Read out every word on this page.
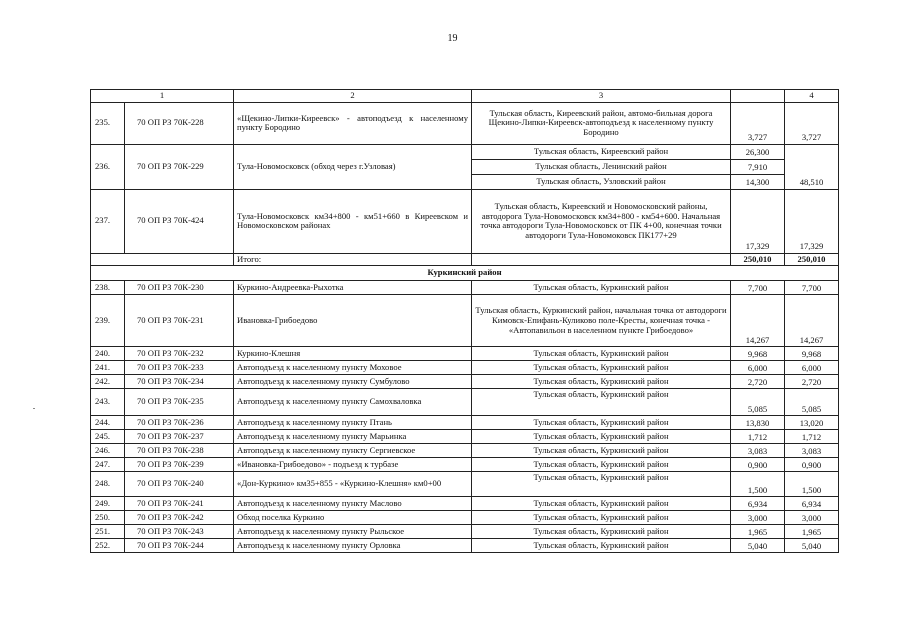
19
1		2	3		4
235.	70 ОП РЗ 70К-228	«Щекино-Липки-Киреевск» - автоподъезд к населенному пункту Бородино	Тульская область, Киреевский район, автомо-бильная дорога Щекино-Липки-Киреевск-автоподъезд к населенному пункту Бородино	3,727	3,727
236.	70 ОП РЗ 70К-229	Тула-Новомосковск (обход через г.Узловая)	Тульская область, Киреевский район	26,300	48,510
			Тульская область, Ленинский район	7,910	
			Тульская область, Узловский район	14,300	
237.	70 ОП РЗ 70К-424	Тула-Новомосковск км34+800 - км51+660 в Киреевском и Новомосковском районах	Тульская область, Киреевский и Новомосковский районы, автодорога Тула-Новомосковск км34+800 - км54+600. Начальная точка автодороги Тула-Новомосковск от ПК 4+00, конечная точки автодороги Тула-Новомоковск ПК177+29	17,329	17,329
		Итого:		250,010	250,010
Куркинский район					
238.	70 ОП РЗ 70К-230	Куркино-Андреевка-Рыхотка	Тульская область, Куркинский район	7,700	7,700
239.	70 ОП РЗ 70К-231	Ивановка-Грибоедово	Тульская область, Куркинский район, начальная точка от автодороги Кимовск-Епифань-Куликово поле-Кресты, конечная точка - «Автопавильон в населенном пункте Грибоедово»	14,267	14,267
240.	70 ОП РЗ 70К-232	Куркино-Клешня	Тульская область, Куркинский район	9,968	9,968
241.	70 ОП РЗ 70К-233	Автоподъезд к населенному пункту Моховое	Тульская область, Куркинский район	6,000	6,000
242.	70 ОП РЗ 70К-234	Автоподъезд к населенному пункту Сумбулово	Тульская область, Куркинский район	2,720	2,720
243.	70 ОП РЗ 70К-235	Автоподъезд к населенному пункту Самохваловка	Тульская область, Куркинский район	5,085	5,085
244.	70 ОП РЗ 70К-236	Автоподъезд к населенному пункту Птань	Тульская область, Куркинский район	13,830	13,020
245.	70 ОП РЗ 70К-237	Автоподъезд к населенному пункту Марьинка	Тульская область, Куркинский район	1,712	1,712
246.	70 ОП РЗ 70К-238	Автоподъезд к населенному пункту Сергиевское	Тульская область, Куркинский район	3,083	3,083
247.	70 ОП РЗ 70К-239	«Ивановка-Грибоедово» - подъезд к турбазе	Тульская область, Куркинский район	0,900	0,900
248.	70 ОП РЗ 70К-240	«Дон-Куркино» км35+855 - «Куркино-Клешня» км0+00	Тульская область, Куркинский район	1,500	1,500
249.	70 ОП РЗ 70К-241	Автоподъезд к населенному пункту Маслово	Тульская область, Куркинский район	6,934	6,934
250.	70 ОП РЗ 70К-242	Обход поселка Куркино	Тульская область, Куркинский район	3,000	3,000
251.	70 ОП РЗ 70К-243	Автоподъезд к населенному пункту Рыльское	Тульская область, Куркинский район	1,965	1,965
252.	70 ОП РЗ 70К-244	Автоподъезд к населенному пункту Орловка	Тульская область, Куркинский район	5,040	5,040
